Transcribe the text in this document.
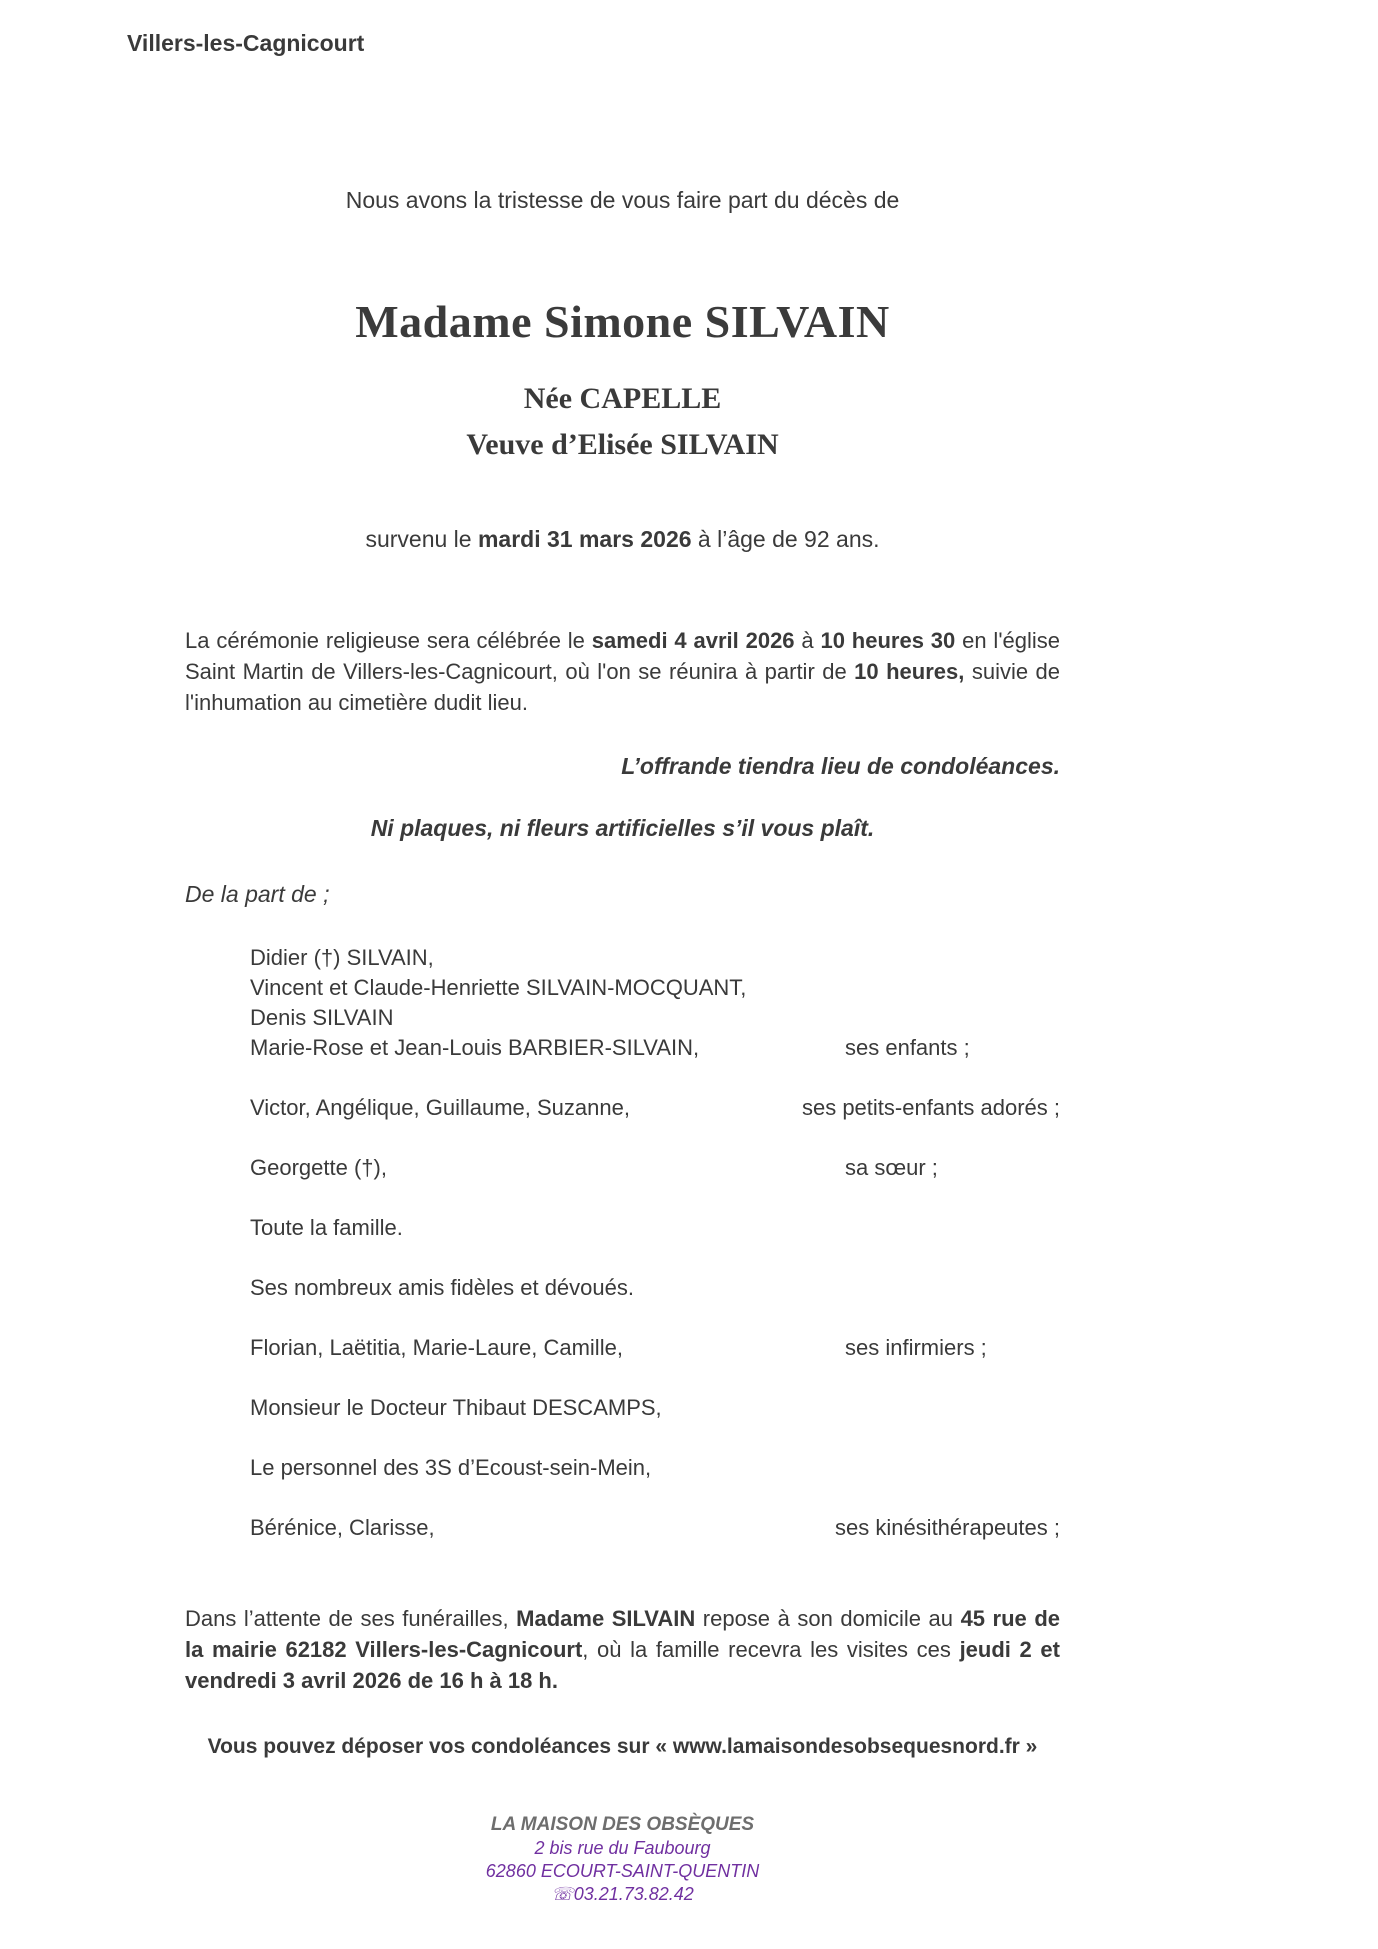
Villers-les-Cagnicourt
Nous avons la tristesse de vous faire part du décès de
Madame Simone SILVAIN
Née CAPELLE
Veuve d’Elisée SILVAIN
survenu le mardi 31 mars 2026 à l’âge de 92 ans.
La cérémonie religieuse sera célébrée le samedi 4 avril 2026 à 10 heures 30 en l'église Saint Martin de Villers-les-Cagnicourt, où l'on se réunira à partir de 10 heures, suivie de l'inhumation au cimetière dudit lieu.
L’offrande tiendra lieu de condoléances.
Ni plaques, ni fleurs artificielles s’il vous plaît.
De la part de ;
Didier (†) SILVAIN,
Vincent et Claude-Henriette SILVAIN-MOCQUANT,
Denis SILVAIN
Marie-Rose et Jean-Louis BARBIER-SILVAIN,	ses enfants ;
Victor, Angélique, Guillaume, Suzanne,	ses petits-enfants adorés ;
Georgette (†),	sa sœur ;
Toute la famille.
Ses nombreux amis fidèles et dévoués.
Florian, Laëtitia, Marie-Laure, Camille,	ses infirmiers ;
Monsieur le Docteur Thibaut DESCAMPS,
Le personnel des 3S d’Ecoust-sein-Mein,
Bérénice, Clarisse,	ses kinésithérapeutes ;
Dans l’attente de ses funérailles, Madame SILVAIN repose à son domicile au 45 rue de la mairie 62182 Villers-les-Cagnicourt, où la famille recevra les visites ces jeudi 2 et vendredi 3 avril 2026 de 16 h à 18 h.
Vous pouvez déposer vos condoléances sur « www.lamaisondesobsequesnord.fr »
LA MAISON DES OBSÈQUES
2 bis rue du Faubourg
62860 ECOURT-SAINT-QUENTIN
☏03.21.73.82.42
